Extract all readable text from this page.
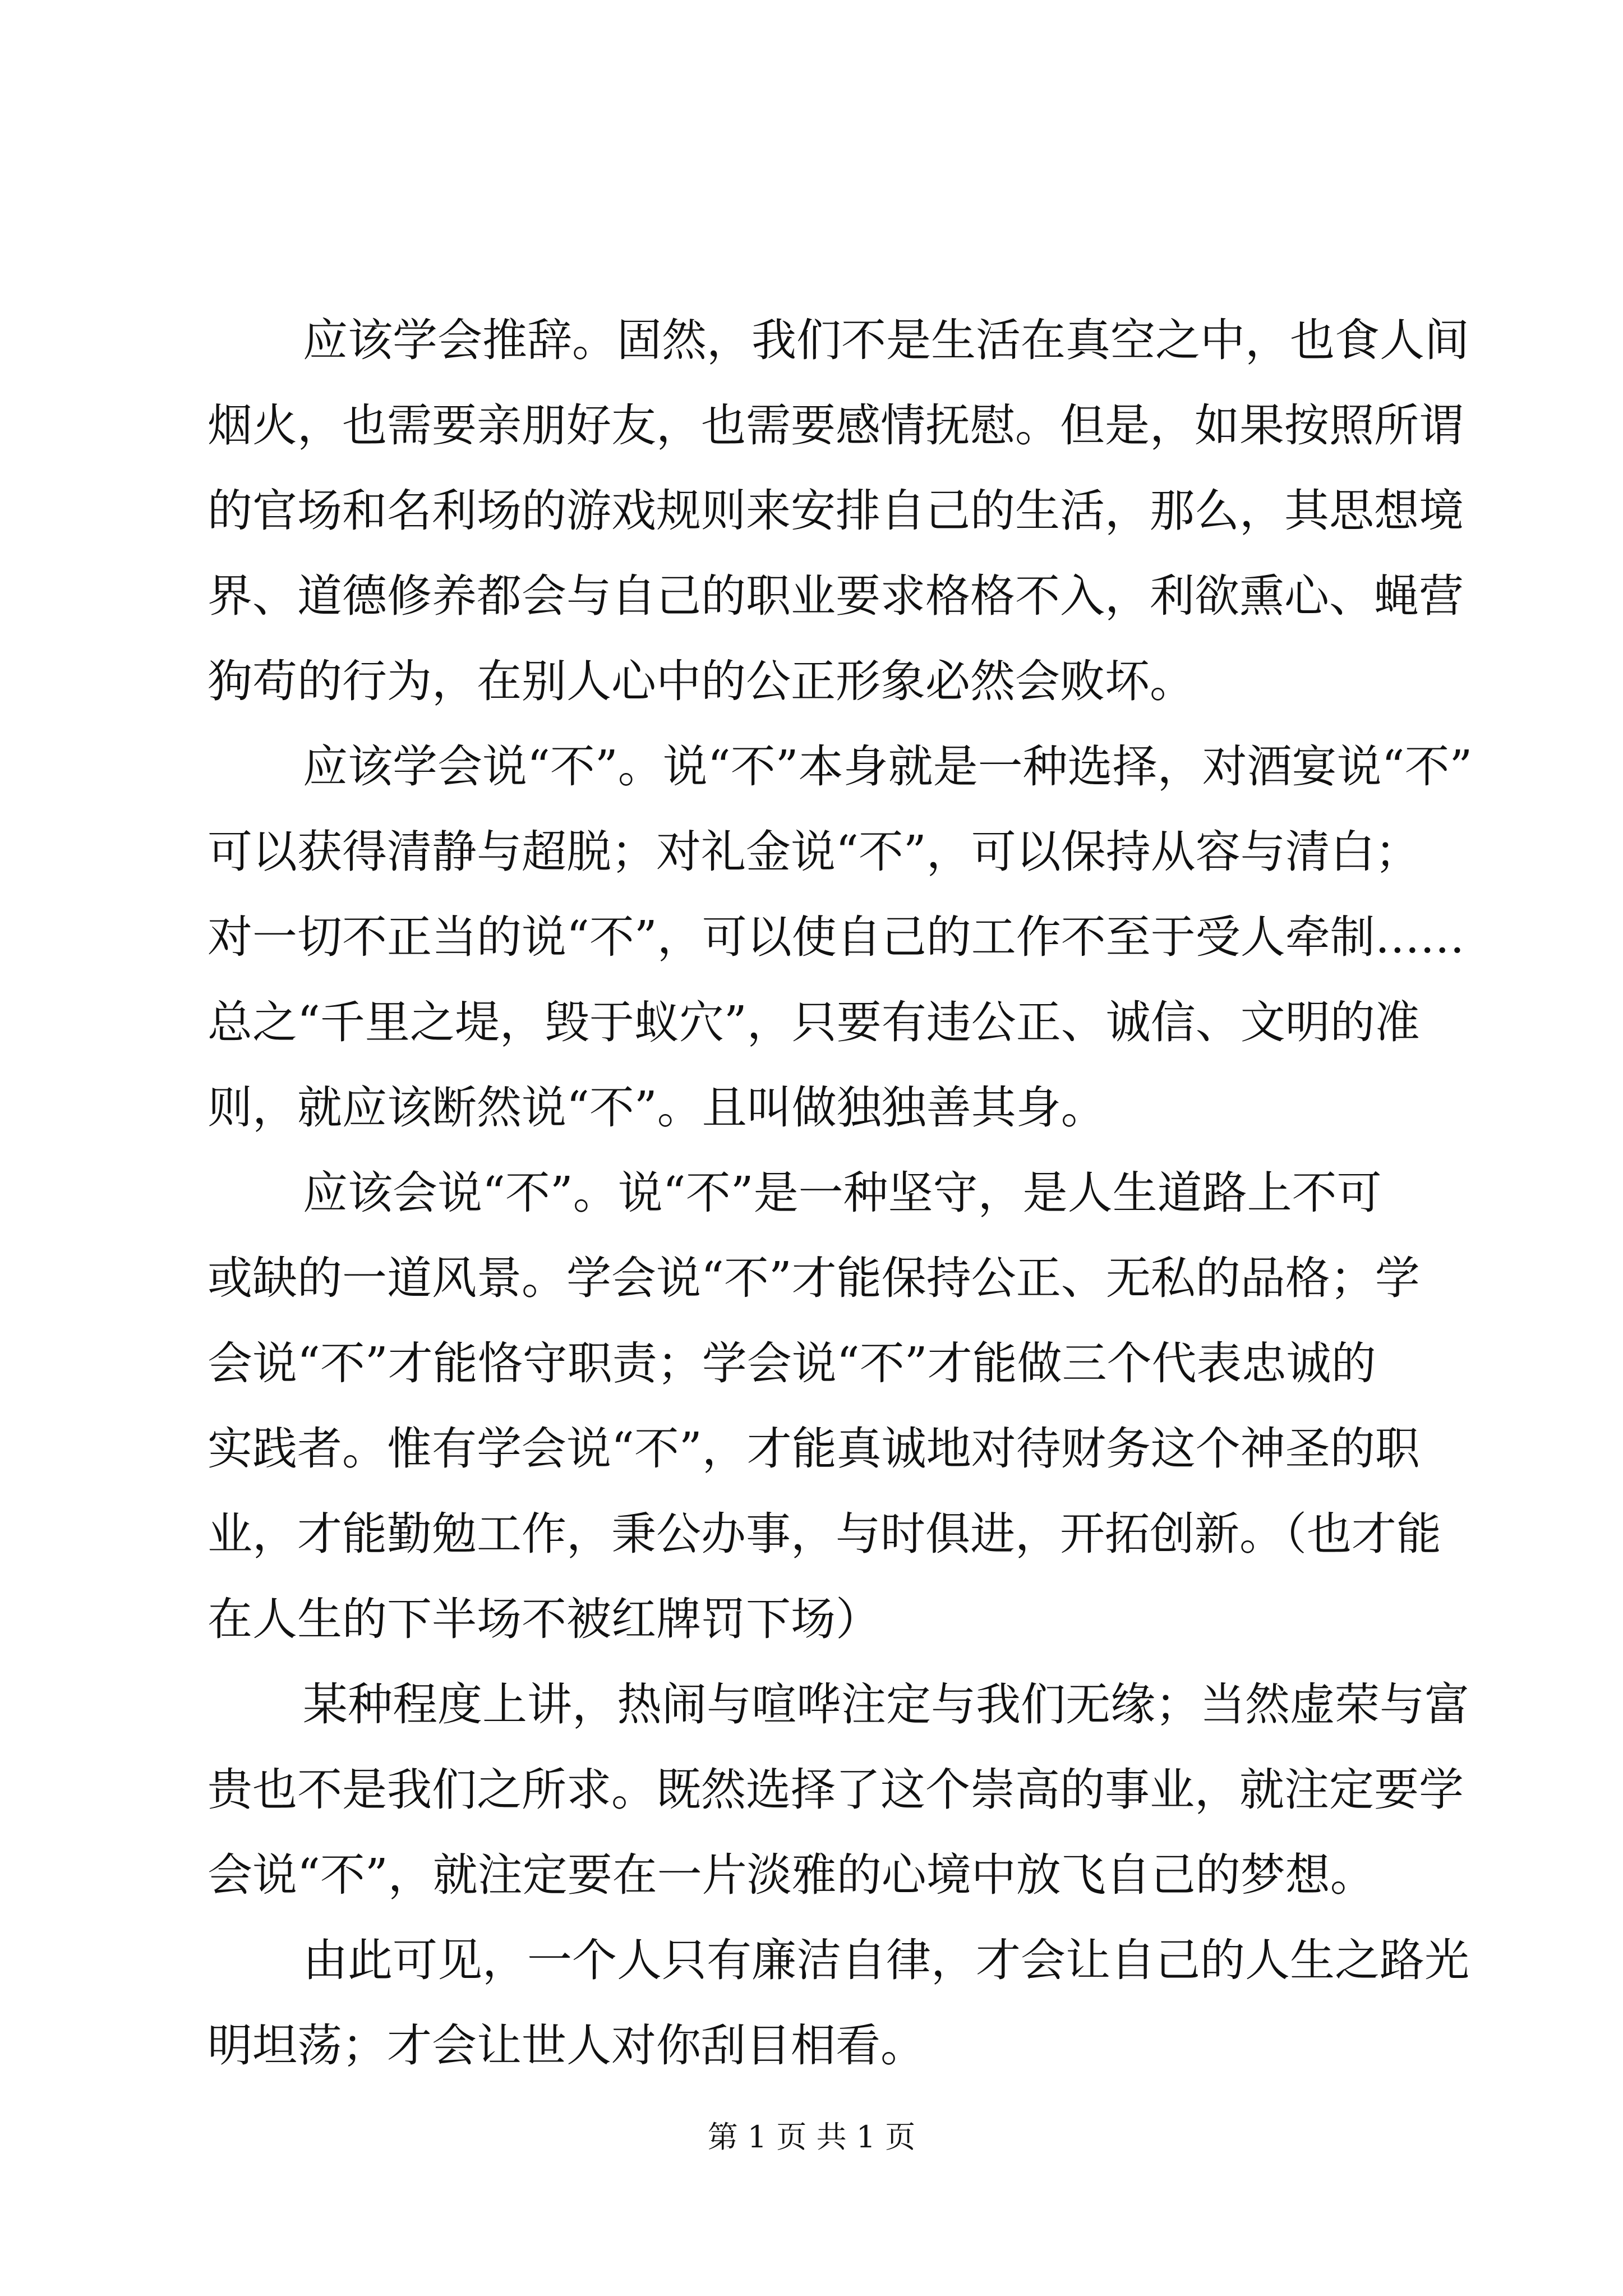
应该学会推辞。固然，我们不是生活在真空之中，也食人间

烟火，也需要亲朋好友，也需要感情抚慰。但是，如果按照所谓

的官场和名利场的游戏规则来安排自己的生活，那么，其思想境

界、道德修养都会与自己的职业要求格格不入，利欲熏心、蝇营

狗苟的行为，在别人心中的公正形象必然会败坏。

应该学会说“不”。说“不”本身就是一种选择，对酒宴说“不”

可以获得清静与超脱；对礼金说“不”，可以保持从容与清白；

对一切不正当的说“不”，可以使自己的工作不至于受人牵制……

总之“千里之堤，毁于蚁穴”，只要有违公正、诚信、文明的准

则，就应该断然说“不”。且叫做独独善其身。

应该会说“不”。说“不”是一种坚守，是人生道路上不可

或缺的一道风景。学会说“不”才能保持公正、无私的品格；学

会说“不”才能恪守职责；学会说“不”才能做三个代表忠诚的

实践者。惟有学会说“不”，才能真诚地对待财务这个神圣的职

业，才能勤勉工作，秉公办事，与时俱进，开拓创新。（也才能

在人生的下半场不被红牌罚下场）

某种程度上讲，热闹与喧哗注定与我们无缘；当然虚荣与富

贵也不是我们之所求。既然选择了这个崇高的事业，就注定要学

会说“不”，就注定要在一片淡雅的心境中放飞自己的梦想。

由此可见，一个人只有廉洁自律，才会让自己的人生之路光

明坦荡；才会让世人对你刮目相看。

第 1 页 共 1 页
